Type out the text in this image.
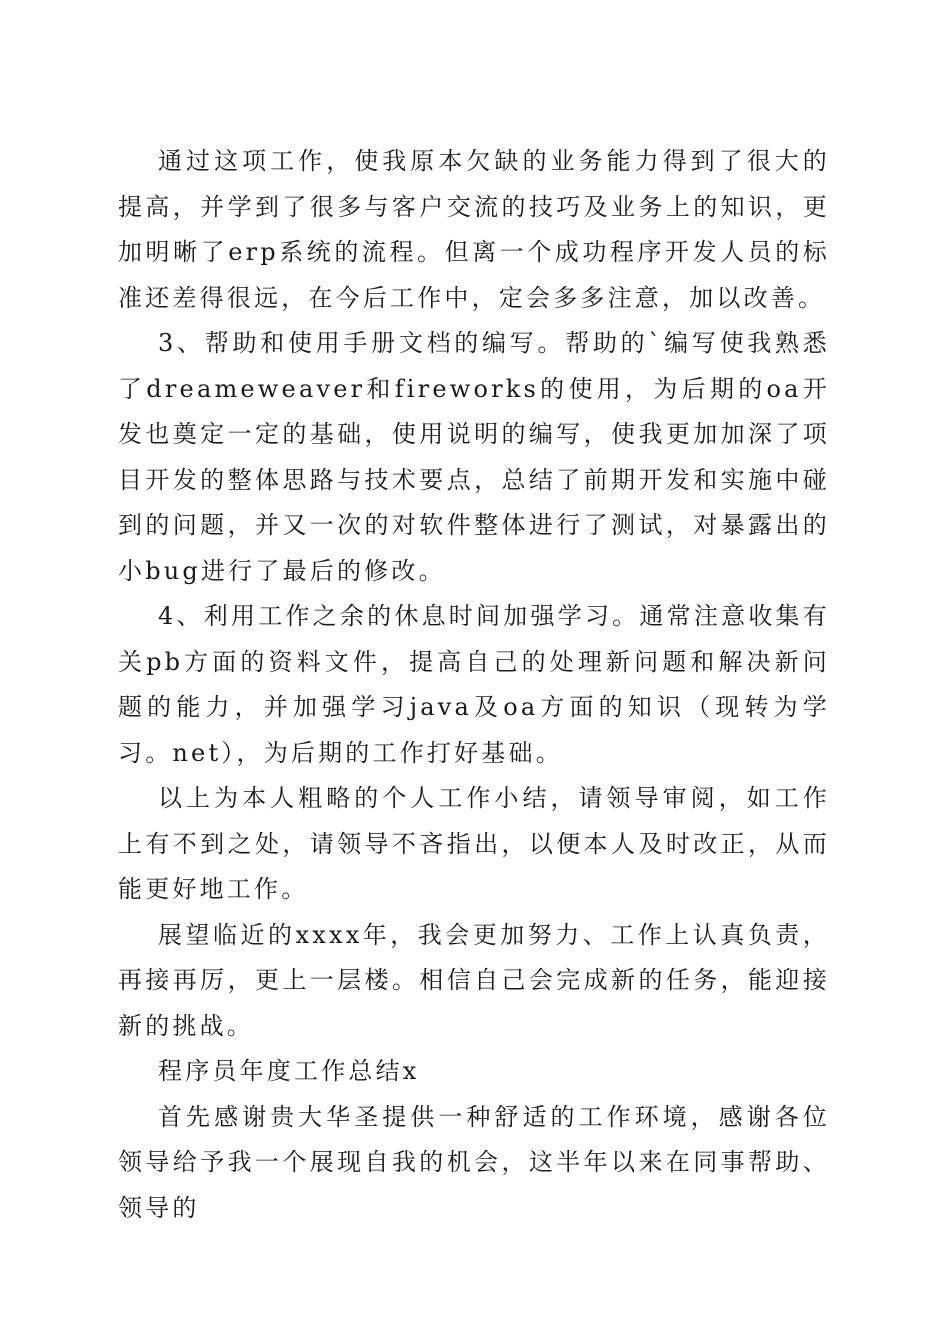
通过这项工作，使我原本欠缺的业务能力得到了很大的提高，并学到了很多与客户交流的技巧及业务上的知识，更加明晰了erp系统的流程。但离一个成功程序开发人员的标准还差得很远，在今后工作中，定会多多注意，加以改善。

3、帮助和使用手册文档的编写。帮助的`编写使我熟悉了dreameweaver和fireworks的使用，为后期的oa开发也奠定一定的基础，使用说明的编写，使我更加加深了项目开发的整体思路与技术要点，总结了前期开发和实施中碰到的问题，并又一次的对软件整体进行了测试，对暴露出的小bug进行了最后的修改。

4、利用工作之余的休息时间加强学习。通常注意收集有关pb方面的资料文件，提高自己的处理新问题和解决新问题的能力，并加强学习java及oa方面的知识（现转为学习。net），为后期的工作打好基础。

以上为本人粗略的个人工作小结，请领导审阅，如工作上有不到之处，请领导不吝指出，以便本人及时改正，从而能更好地工作。

展望临近的xxxx年，我会更加努力、工作上认真负责，再接再厉，更上一层楼。相信自己会完成新的任务，能迎接新的挑战。

程序员年度工作总结x

首先感谢贵大华圣提供一种舒适的工作环境，感谢各位领导给予我一个展现自我的机会，这半年以来在同事帮助、领导的
